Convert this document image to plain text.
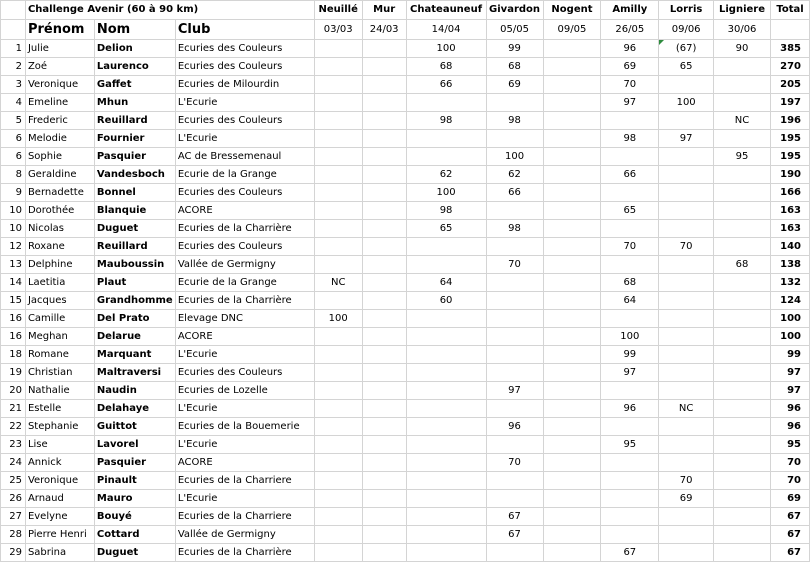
	Challenge Avenir (60 à 90 km)			Neuillé	Mur	Chateauneuf	Givardon	Nogent	Amilly	Lorris	Ligniere	Total
	Prénom	Nom	Club	03/03	24/03	14/04	05/05	09/05	26/05	09/06	30/06	
1	Julie	Delion	Ecuries des Couleurs			100	99		96	(67)	90	385
2	Zoé	Laurenco	Ecuries des Couleurs			68	68		69	65		270
3	Veronique	Gaffet	Ecuries de Milourdin			66	69		70			205
4	Emeline	Mhun	L'Ecurie						97	100		197
5	Frederic	Reuillard	Ecuries des Couleurs			98	98				NC	196
6	Melodie	Fournier	L'Ecurie						98	97		195
6	Sophie	Pasquier	AC de Bressemenaul				100				95	195
8	Geraldine	Vandesboch	Ecurie de la Grange			62	62		66			190
9	Bernadette	Bonnel	Ecuries des Couleurs			100	66					166
10	Dorothée	Blanquie	ACORE			98			65			163
10	Nicolas	Duguet	Ecuries de la Charrière			65	98					163
12	Roxane	Reuillard	Ecuries des Couleurs						70	70		140
13	Delphine	Mauboussin	Vallée de Germigny				70				68	138
14	Laetitia	Plaut	Ecurie de la Grange	NC		64			68			132
15	Jacques	Grandhomme	Ecuries de la Charrière			60			64			124
16	Camille	Del Prato	Elevage DNC	100								100
16	Meghan	Delarue	ACORE						100			100
18	Romane	Marquant	L'Ecurie						99			99
19	Christian	Maltraversi	Ecuries des Couleurs						97			97
20	Nathalie	Naudin	Ecuries de Lozelle				97					97
21	Estelle	Delahaye	L'Ecurie						96	NC		96
22	Stephanie	Guittot	Ecuries de la Bouemerie				96					96
23	Lise	Lavorel	L'Ecurie						95			95
24	Annick	Pasquier	ACORE				70					70
25	Veronique	Pinault	Ecuries de la Charriere							70		70
26	Arnaud	Mauro	L'Ecurie							69		69
27	Evelyne	Bouyé	Ecuries de la Charriere				67					67
28	Pierre Henri	Cottard	Vallée de Germigny				67					67
29	Sabrina	Duguet	Ecuries de la Charrière						67			67
